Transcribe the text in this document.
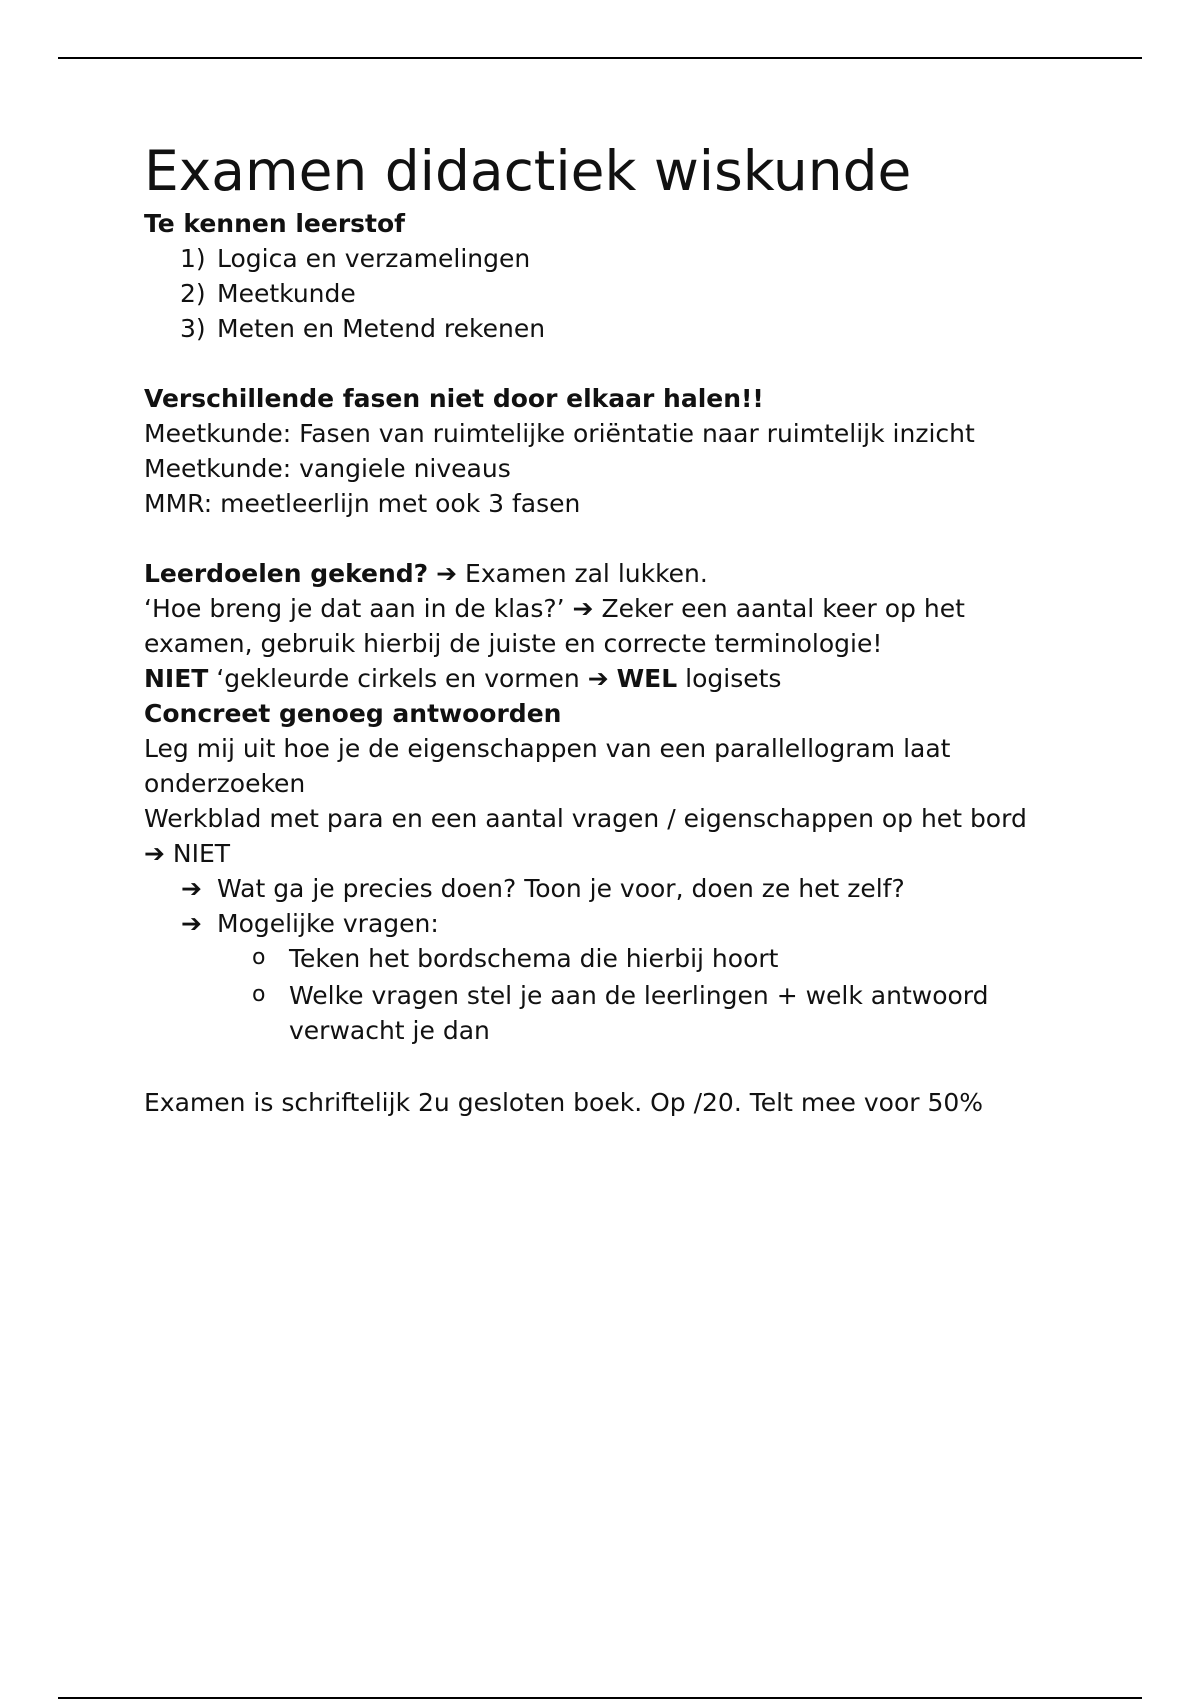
Examen didactiek wiskunde

Te kennen leerstof

1) Logica en verzamelingen
2) Meetkunde
3) Meten en Metend rekenen

Verschillende fasen niet door elkaar halen!!

Meetkunde: Fasen van ruimtelijke oriëntatie naar ruimtelijk inzicht

Meetkunde: vangiele niveaus

MMR: meetleerlijn met ook 3 fasen

Leerdoelen gekend? ➔ Examen zal lukken.

‘Hoe breng je dat aan in de klas?’ ➔ Zeker een aantal keer op het examen, gebruik hierbij de juiste en correcte terminologie!

NIET ‘gekleurde cirkels en vormen ➔ WEL logisets

Concreet genoeg antwoorden

Leg mij uit hoe je de eigenschappen van een parallellogram laat onderzoeken

Werkblad met para en een aantal vragen / eigenschappen op het bord ➔ NIET

➔ Wat ga je precies doen? Toon je voor, doen ze het zelf?
➔ Mogelijke vragen:
o Teken het bordschema die hierbij hoort
o Welke vragen stel je aan de leerlingen + welk antwoord verwacht je dan

Examen is schriftelijk 2u gesloten boek. Op /20. Telt mee voor 50%
